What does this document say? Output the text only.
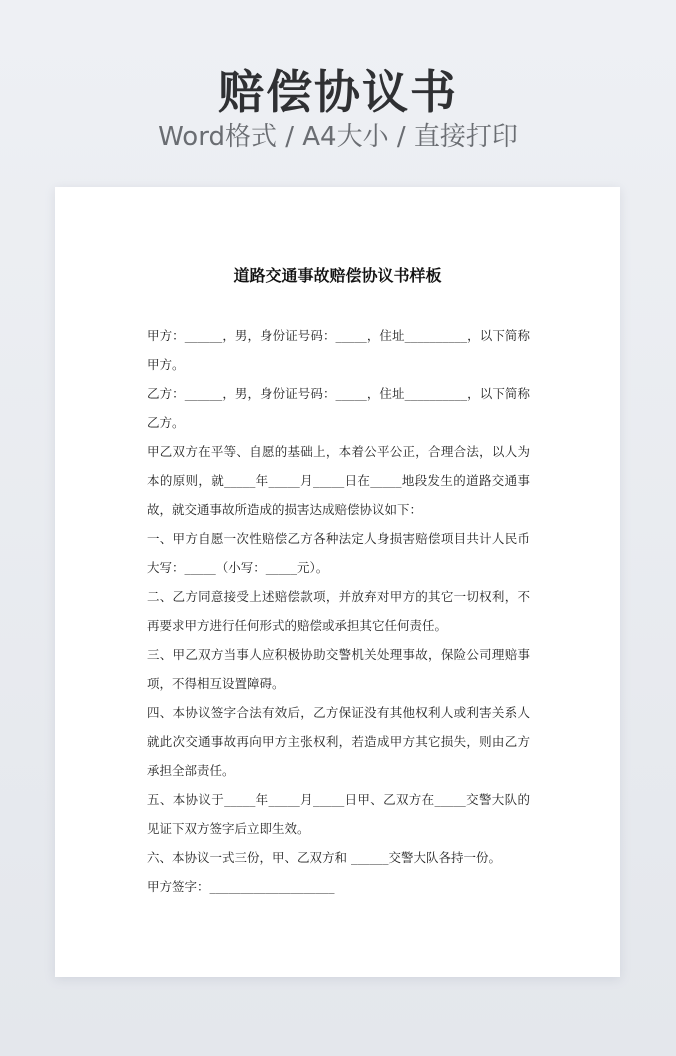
赔偿协议书
Word格式 / A4大小 / 直接打印
道路交通事故赔偿协议书样板

甲方：______，男，身份证号码：_____，住址__________，以下简称甲方。

乙方：______，男，身份证号码：_____，住址__________，以下简称乙方。

甲乙双方在平等、自愿的基础上，本着公平公正，合理合法，以人为本的原则，就_____年_____月_____日在_____地段发生的道路交通事故，就交通事故所造成的损害达成赔偿协议如下：

一、甲方自愿一次性赔偿乙方各种法定人身损害赔偿项目共计人民币大写：_____（小写：_____元）。

二、乙方同意接受上述赔偿款项，并放弃对甲方的其它一切权利，不再要求甲方进行任何形式的赔偿或承担其它任何责任。

三、甲乙双方当事人应积极协助交警机关处理事故，保险公司理赔事项，不得相互设置障碍。

四、本协议签字合法有效后，乙方保证没有其他权利人或利害关系人就此次交通事故再向甲方主张权利，若造成甲方其它损失，则由乙方承担全部责任。

五、本协议于_____年_____月_____日甲、乙双方在_____交警大队的见证下双方签字后立即生效。

六、本协议一式三份，甲、乙双方和 ______交警大队各持一份。

甲方签字：____________________
